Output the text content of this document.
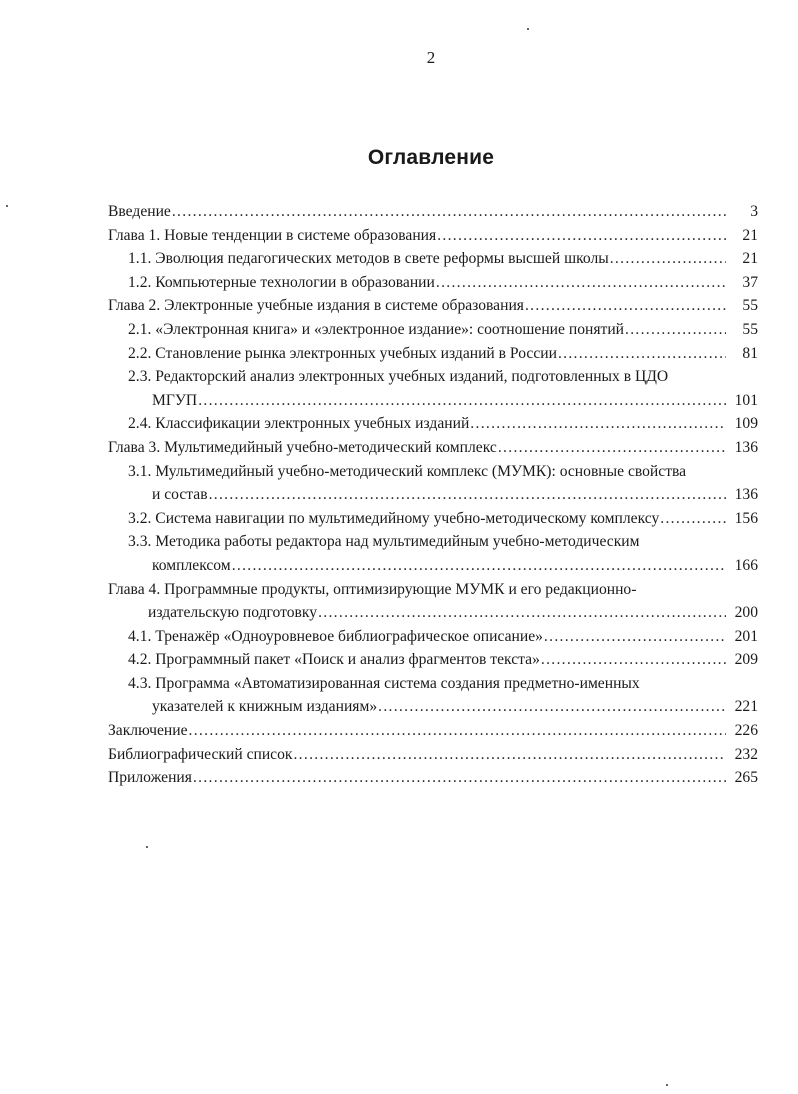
2
Оглавление
Введение .....	3
Глава 1. Новые тенденции в системе образования .....	21
1.1. Эволюция педагогических методов в свете реформы высшей школы .....	21
1.2. Компьютерные технологии в образовании .....	37
Глава 2. Электронные учебные издания в системе образования .....	55
2.1. «Электронная книга» и «электронное издание»: соотношение понятий .....	55
2.2. Становление рынка электронных учебных изданий в России .....	81
2.3. Редакторский анализ электронных учебных изданий, подготовленных в ЦДО
МГУП .....	101
2.4. Классификации электронных учебных изданий .....	109
Глава 3. Мультимедийный учебно-методический комплекс .....	136
3.1. Мультимедийный учебно-методический комплекс (МУМК): основные свойства
и состав .....	136
3.2. Система навигации по мультимедийному учебно-методическому комплексу .....	156
3.3. Методика работы редактора над мультимедийным учебно-методическим
комплексом .....	166
Глава 4. Программные продукты, оптимизирующие МУМК и его редакционно-
издательскую подготовку .....	200
4.1. Тренажёр «Одноуровневое библиографическое описание» .....	201
4.2. Программный пакет «Поиск и анализ фрагментов текста» .....	209
4.3. Программа «Автоматизированная система создания предметно-именных
указателей к книжным изданиям» .....	221
Заключение .....	226
Библиографический список .....	232
Приложения .....	265
